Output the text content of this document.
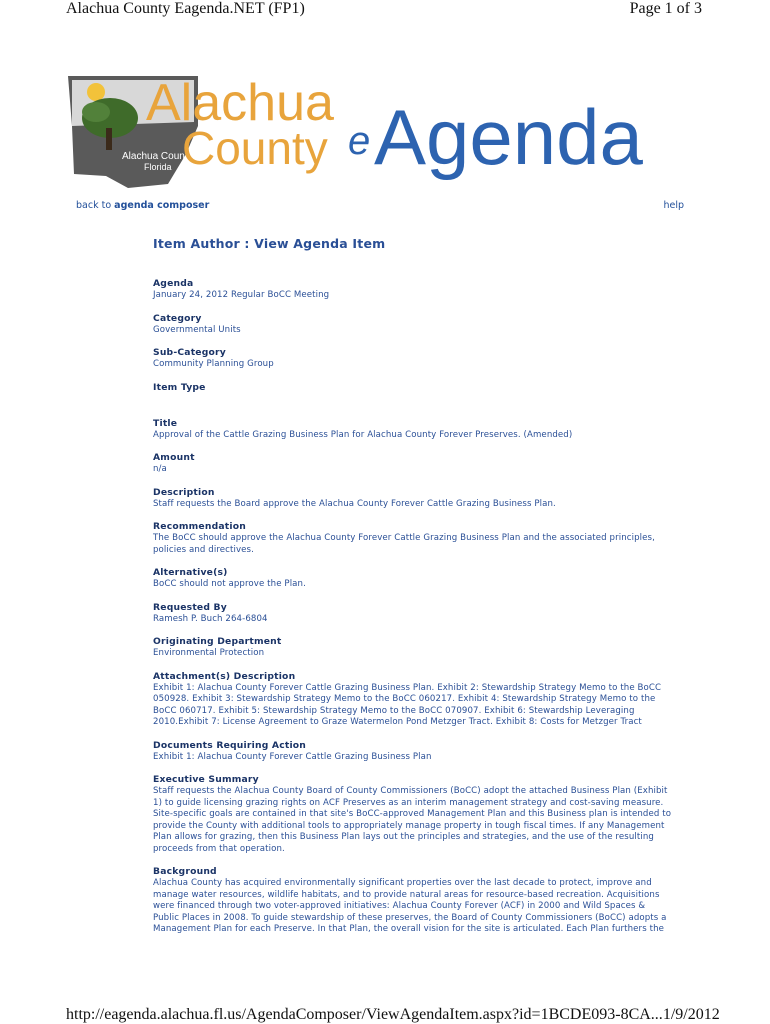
Alachua County Eagenda.NET (FP1)	Page 1 of 3
Alachua County,
Florida
Alachua
County e Agenda
back to agenda composer	help
Item Author : View Agenda Item
Agenda
January 24, 2012 Regular BoCC Meeting
Category
Governmental Units
Sub-Category
Community Planning Group
Item Type
Title
Approval of the Cattle Grazing Business Plan for Alachua County Forever Preserves. (Amended)
Amount
n/a
Description
Staff requests the Board approve the Alachua County Forever Cattle Grazing Business Plan.
Recommendation
The BoCC should approve the Alachua County Forever Cattle Grazing Business Plan and the associated principles, policies and directives.
Alternative(s)
BoCC should not approve the Plan.
Requested By
Ramesh P. Buch 264-6804
Originating Department
Environmental Protection
Attachment(s) Description
Exhibit 1: Alachua County Forever Cattle Grazing Business Plan. Exhibit 2: Stewardship Strategy Memo to the BoCC 050928. Exhibit 3: Stewardship Strategy Memo to the BoCC 060217. Exhibit 4: Stewardship Strategy Memo to the BoCC 060717. Exhibit 5: Stewardship Strategy Memo to the BoCC 070907. Exhibit 6: Stewardship Leveraging 2010.Exhibit 7: License Agreement to Graze Watermelon Pond Metzger Tract. Exhibit 8: Costs for Metzger Tract
Documents Requiring Action
Exhibit 1: Alachua County Forever Cattle Grazing Business Plan
Executive Summary
Staff requests the Alachua County Board of County Commissioners (BoCC) adopt the attached Business Plan (Exhibit 1) to guide licensing grazing rights on ACF Preserves as an interim management strategy and cost-saving measure. Site-specific goals are contained in that site's BoCC-approved Management Plan and this Business plan is intended to provide the County with additional tools to appropriately manage property in tough fiscal times. If any Management Plan allows for grazing, then this Business Plan lays out the principles and strategies, and the use of the resulting proceeds from that operation.
Background
Alachua County has acquired environmentally significant properties over the last decade to protect, improve and manage water resources, wildlife habitats, and to provide natural areas for resource-based recreation. Acquisitions were financed through two voter-approved initiatives: Alachua County Forever (ACF) in 2000 and Wild Spaces & Public Places in 2008. To guide stewardship of these preserves, the Board of County Commissioners (BoCC) adopts a Management Plan for each Preserve. In that Plan, the overall vision for the site is articulated. Each Plan furthers the
http://eagenda.alachua.fl.us/AgendaComposer/ViewAgendaItem.aspx?id=1BCDE093-8CA... 1/9/2012
